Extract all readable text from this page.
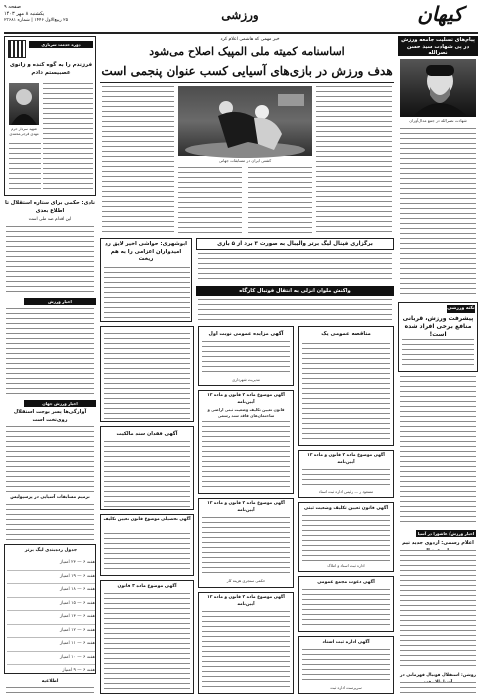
صفحه ۹
یکشنبه ۸ مهر ۱۴۰۳
۲۵ ربیع‌الاول ۱۴۴۶ | شماره ۲۳۶۸۱	ورزشی	کیهان
پیام‌های تسلیت جامعه ورزش در پی شهادت سید حسن نصرالله
شهادت نصرالله در جمع مدال‌آوران
نکته ورزشی
پیشرفت ورزش، قربانی منافع برخی افراد شده است!
اخبار ورزش/ عاشورا در آسیا
اعلام رسمی: اردوی جدید تیم
روشن: استقلال فوتبال قهرمانی در
دوره خدمت سربازی
فرزندم را به گوه کنده و زانوی عصبیستم دادم
شهید سردار حرم مهدی فرجی‌محمدی
نادی: حکمی برای ستاره استقلال تا اطلاع بعدی
این اقدام ضد ملی است
اخبار ورزش
اخبار ورزش جهان
آوارگی‌ها پسر بوجت استقلال روی‌تخت است
ترمیم مسابقات آسیایی در پرسپولیس
جدول رده‌بندی لیگ برتر
هفته ۶ — ۲۳ امتیاز
هفته ۶ — ۱۹ امتیاز
هفته ۶ — ۱۸ امتیاز
هفته ۶ — ۱۵ امتیاز
هفته ۶ — ۱۳ امتیاز
هفته ۶ — ۱۲ امتیاز
هفته ۶ — ۱۱ امتیاز
هفته ۶ — ۱۰ امتیاز
هفته ۶ — ۹ امتیاز
اطلاعیه
خبر مهمی که هاشمی اعلام کرد
اساسنامه کمیته ملی المپیک اصلاح می‌شود
هدف ورزش در بازی‌های آسیایی کسب عنوان پنجمی است
کشتی ایران در مسابقات جهانی
ابوشهری: حواشی اخیر لایق رد امیدواران اعزامی را به هم ریخت
برگزاری فینال لیگ برتر والیبال به صورت ۳ برد از ۵ بازی
واکنش ملوان انزلی به انتقال فوتبال کارگاه
مناقصه عمومی یک
آگهی موضوع ماده ۳ قانون و ماده ۱۳ آیین‌نامه
مسعود ر — رئیس اداره ثبت اسناد
آگهی قانون تعیین تکلیف وضعیت ثبتی
اداره ثبت اسناد و املاک
آگهی دعوت مجمع عمومی
آگهی اداره ثبت اسناد
سرپرست اداره ثبت
آگهی مزایده عمومی نوبت اول
مدیریت شهرداری
آگهی موضوع ماده ۳ قانون و ماده ۱۳ آیین‌نامه
قانون تعیین تکلیف وضعیت ثبتی اراضی و ساختمان‌های فاقد سند رسمی
آگهی موضوع ماده ۳ قانون و ماده ۱۳ آیین‌نامه
حکمی سنجری هزینه کار
آگهی موضوع ماده ۳ قانون و ماده ۱۳ آیین‌نامه
آگهی فقدان سند مالکیت
آگهی تحصیلی موضوع قانون تعیین تکلیف
آگهی موضوع ماده ۳ قانون
